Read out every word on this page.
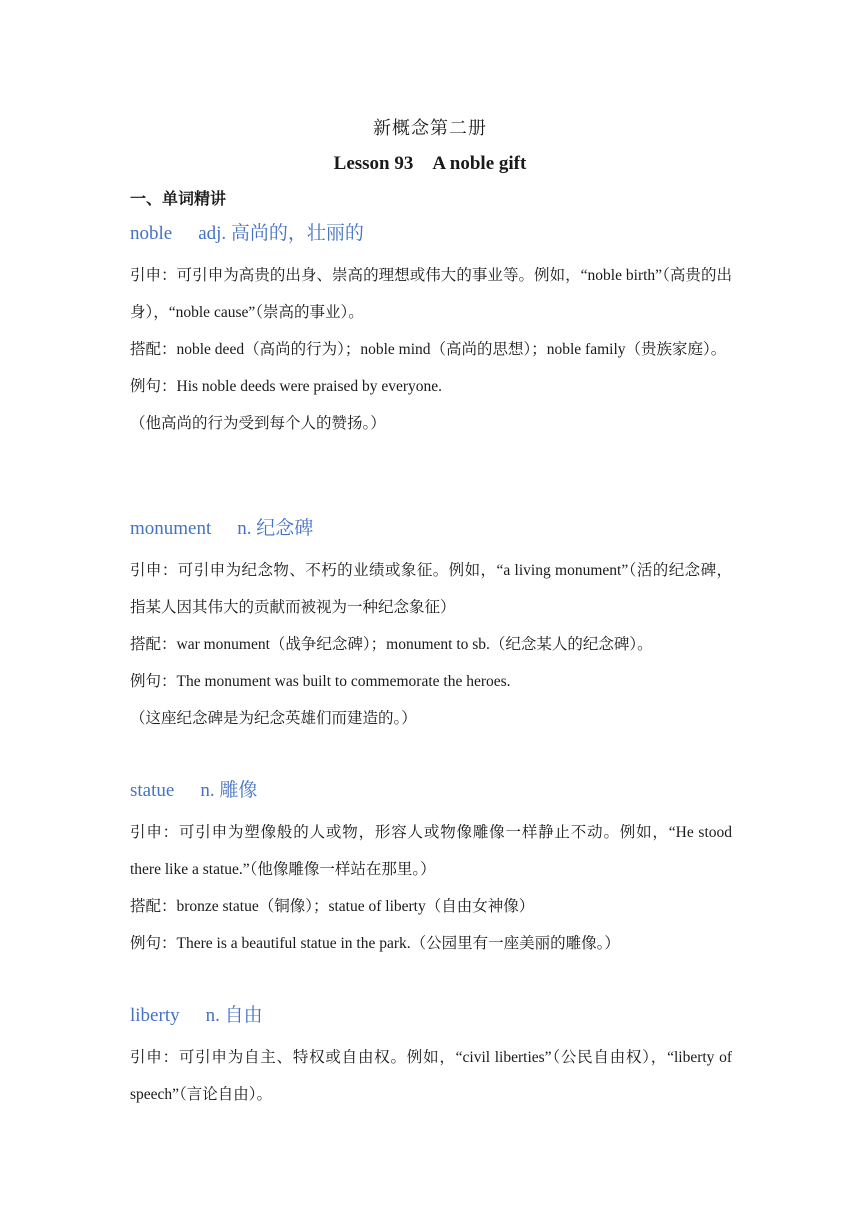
新概念第二册
Lesson 93　A noble gift
一、单词精讲
noble adj. 高尚的，壮丽的

引申：可引申为高贵的出身、崇高的理想或伟大的事业等。例如，“noble birth”（高贵的出身），“noble cause”（崇高的事业）。

搭配：noble deed（高尚的行为）；noble mind（高尚的思想）；noble family（贵族家庭）。

例句：His noble deeds were praised by everyone.

（他高尚的行为受到每个人的赞扬。）

monument n. 纪念碑

引申：可引申为纪念物、不朽的业绩或象征。例如，“a living monument”（活的纪念碑，指某人因其伟大的贡献而被视为一种纪念象征）

搭配：war monument（战争纪念碑）；monument to sb.（纪念某人的纪念碑）。

例句：The monument was built to commemorate the heroes.

（这座纪念碑是为纪念英雄们而建造的。）

statue n. 雕像

引申：可引申为塑像般的人或物，形容人或物像雕像一样静止不动。例如，“He stood there like a statue.”（他像雕像一样站在那里。）

搭配：bronze statue（铜像）；statue of liberty（自由女神像）

例句：There is a beautiful statue in the park.（公园里有一座美丽的雕像。）

liberty n. 自由

引申：可引申为自主、特权或自由权。例如，“civil liberties”（公民自由权），“liberty of speech”（言论自由）。
